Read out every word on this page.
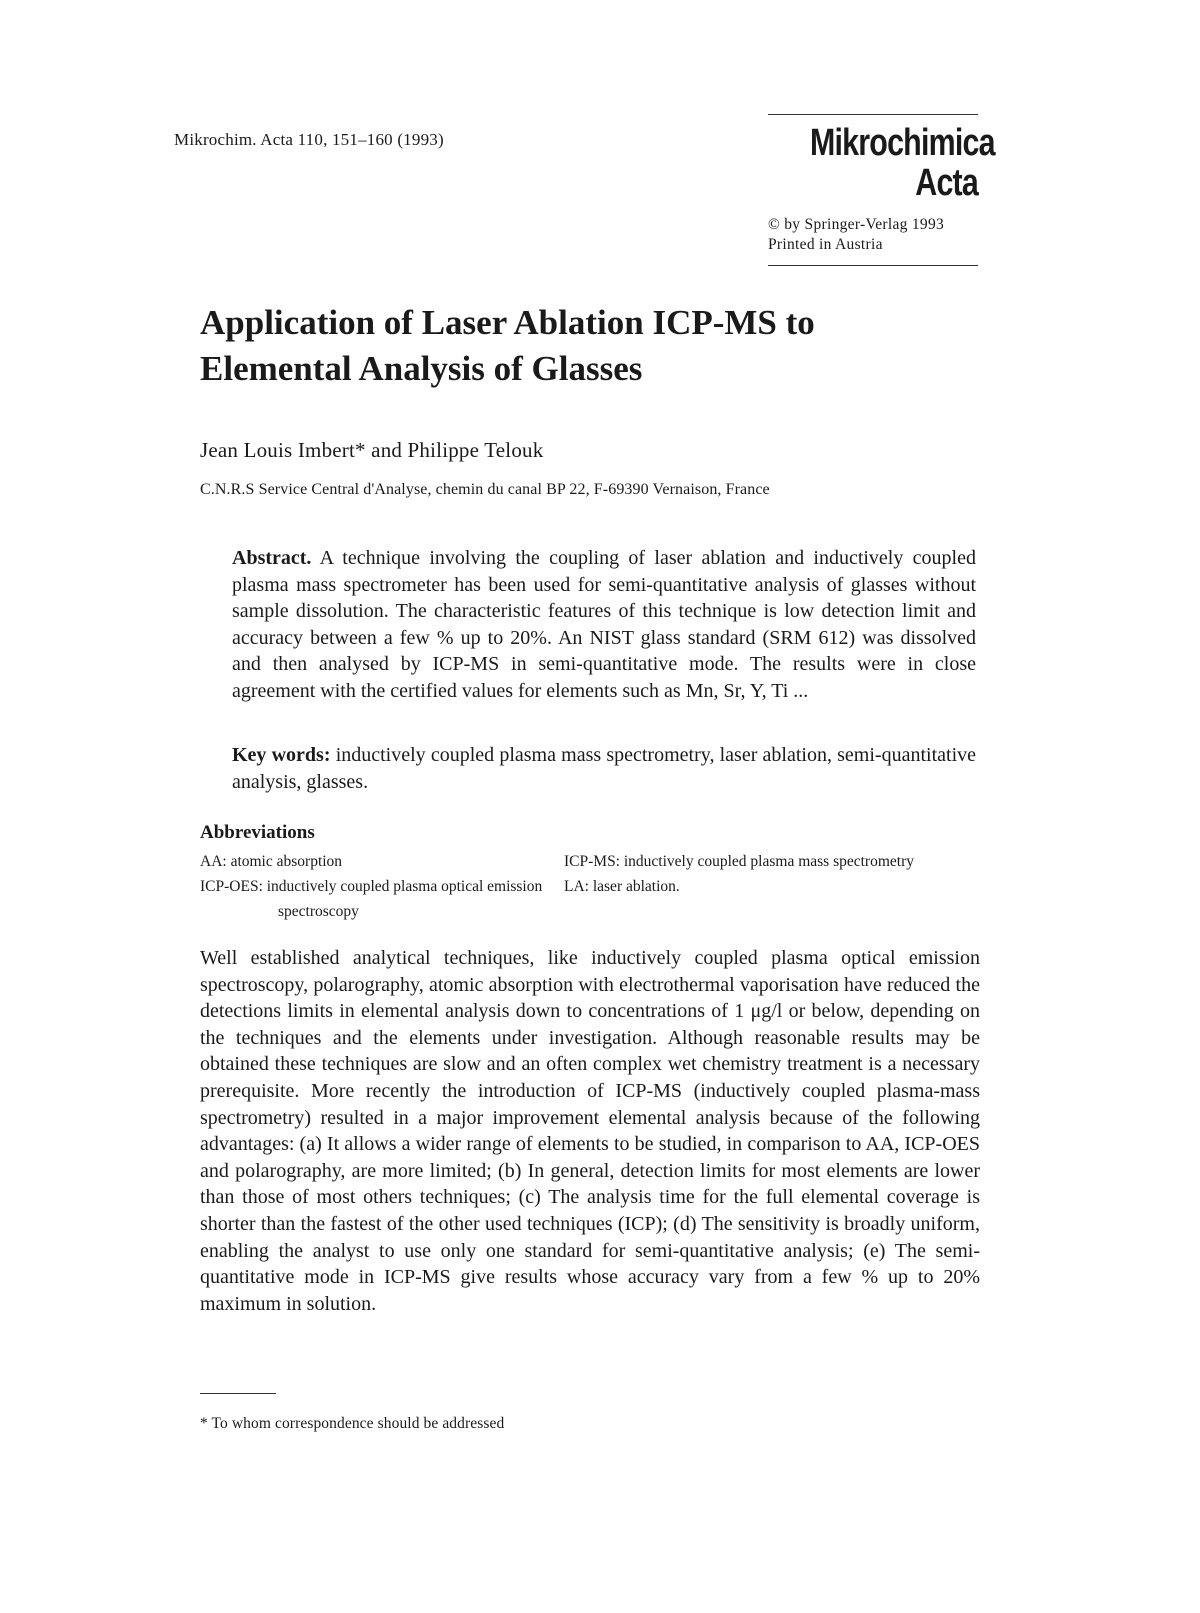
Mikrochim. Acta 110, 151–160 (1993)	Mikrochimica
Acta
© by Springer-Verlag 1993
Printed in Austria
Application of Laser Ablation ICP-MS to Elemental Analysis of Glasses
Jean Louis Imbert* and Philippe Telouk
C.N.R.S Service Central d'Analyse, chemin du canal BP 22, F-69390 Vernaison, France

Abstract. A technique involving the coupling of laser ablation and inductively coupled plasma mass spectrometer has been used for semi-quantitative analysis of glasses without sample dissolution. The characteristic features of this technique is low detection limit and accuracy between a few % up to 20%. An NIST glass standard (SRM 612) was dissolved and then analysed by ICP-MS in semi-quantitative mode. The results were in close agreement with the certified values for elements such as Mn, Sr, Y, Ti ...

Key words: inductively coupled plasma mass spectrometry, laser ablation, semi-quantitative analysis, glasses.

Abbreviations
AA: atomic absorption
ICP-OES: inductively coupled plasma optical emission spectroscopy
ICP-MS: inductively coupled plasma mass spectrometry
LA: laser ablation.

Well established analytical techniques, like inductively coupled plasma optical emission spectroscopy, polarography, atomic absorption with electrothermal vaporisation have reduced the detections limits in elemental analysis down to concentrations of 1 μg/l or below, depending on the techniques and the elements under investigation. Although reasonable results may be obtained these techniques are slow and an often complex wet chemistry treatment is a necessary prerequisite. More recently the introduction of ICP-MS (inductively coupled plasma-mass spectrometry) resulted in a major improvement elemental analysis because of the following advantages: (a) It allows a wider range of elements to be studied, in comparison to AA, ICP-OES and polarography, are more limited; (b) In general, detection limits for most elements are lower than those of most others techniques; (c) The analysis time for the full elemental coverage is shorter than the fastest of the other used techniques (ICP); (d) The sensitivity is broadly uniform, enabling the analyst to use only one standard for semi-quantitative analysis; (e) The semi-quantitative mode in ICP-MS give results whose accuracy vary from a few % up to 20% maximum in solution.

* To whom correspondence should be addressed
